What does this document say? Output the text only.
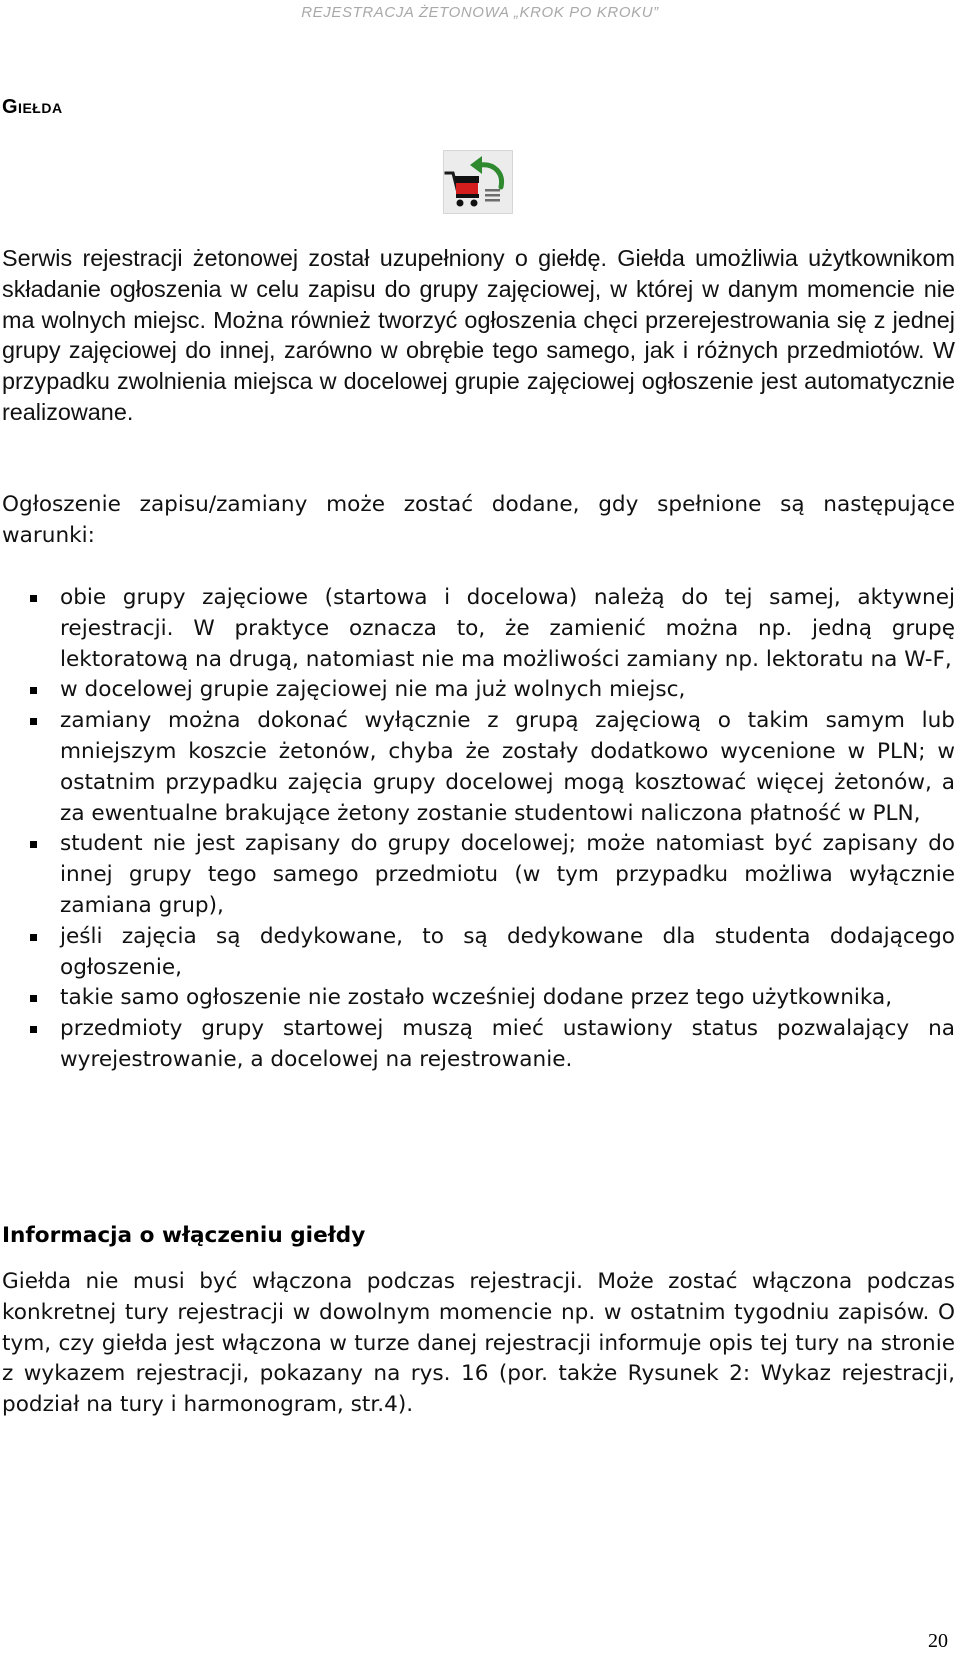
REJESTRACJA ŻETONOWA „KROK PO KROKU”
Giełda

Serwis rejestracji żetonowej został uzupełniony o giełdę. Giełda umożliwia użytkownikom składanie ogłoszenia w celu zapisu do grupy zajęciowej, w której w danym momencie nie ma wolnych miejsc. Można również tworzyć ogłoszenia chęci przerejestrowania się z jednej grupy zajęciowej do innej, zarówno w obrębie tego samego, jak i różnych przedmiotów. W przypadku zwolnienia miejsca w docelowej grupie zajęciowej ogłoszenie jest automatycznie realizowane.

Ogłoszenie zapisu/zamiany może zostać dodane, gdy spełnione są następujące warunki:

obie grupy zajęciowe (startowa i docelowa) należą do tej samej, aktywnej rejestracji. W praktyce oznacza to, że zamienić można np. jedną grupę lektoratową na drugą, natomiast nie ma możliwości zamiany np. lektoratu na W-F,
w docelowej grupie zajęciowej nie ma już wolnych miejsc,
zamiany można dokonać wyłącznie z grupą zajęciową o takim samym lub mniejszym koszcie żetonów, chyba że zostały dodatkowo wycenione w PLN; w ostatnim przypadku zajęcia grupy docelowej mogą kosztować więcej żetonów, a za ewentualne brakujące żetony zostanie studentowi naliczona płatność w PLN,
student nie jest zapisany do grupy docelowej; może natomiast być zapisany do innej grupy tego samego przedmiotu (w tym przypadku możliwa wyłącznie zamiana grup),
jeśli zajęcia są dedykowane, to są dedykowane dla studenta dodającego ogłoszenie,
takie samo ogłoszenie nie zostało wcześniej dodane przez tego użytkownika,
przedmioty grupy startowej muszą mieć ustawiony status pozwalający na wyrejestrowanie, a docelowej na rejestrowanie.
Informacja o włączeniu giełdy

Giełda nie musi być włączona podczas rejestracji. Może zostać włączona podczas konkretnej tury rejestracji w dowolnym momencie np. w ostatnim tygodniu zapisów. O tym, czy giełda jest włączona w turze danej rejestracji informuje opis tej tury na stronie z wykazem rejestracji, pokazany na rys. 16 (por. także Rysunek 2: Wykaz rejestracji, podział na tury i harmonogram, str.4).

20
